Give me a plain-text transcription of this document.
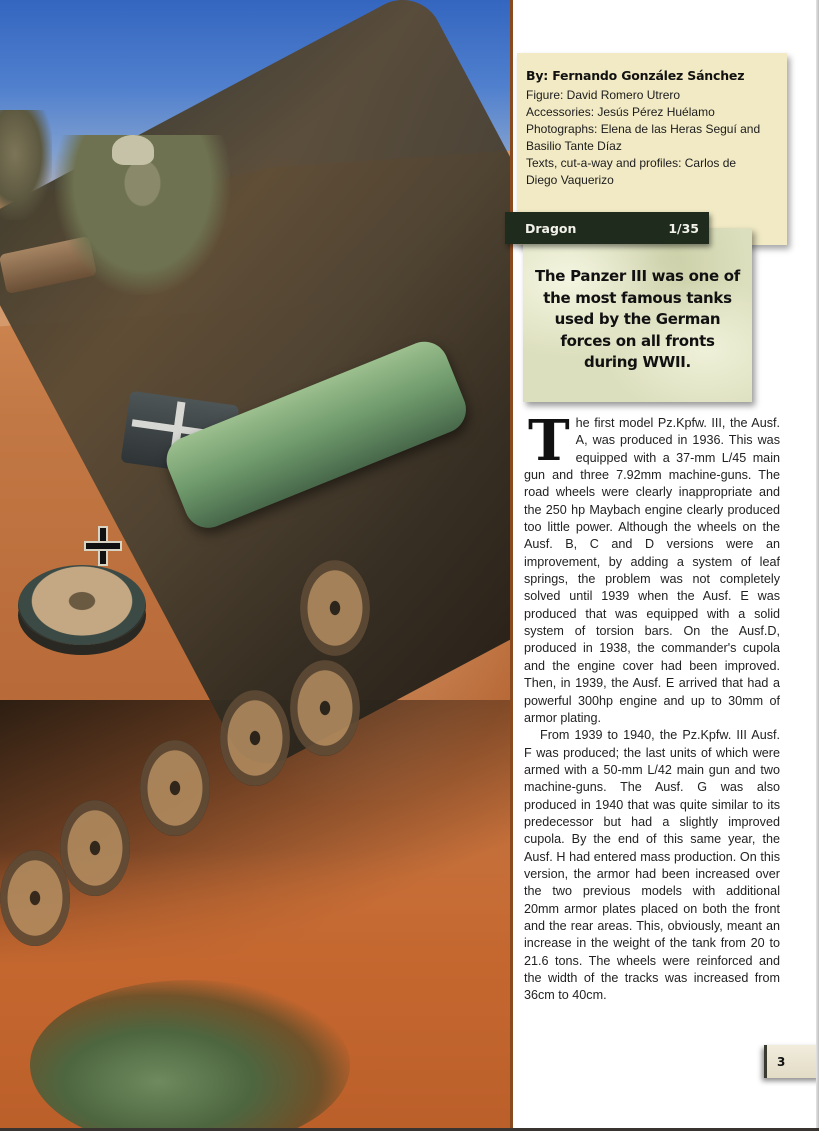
By: Fernando González Sánchez
Figure: David Romero Utrero
Accessories: Jesús Pérez Huélamo
Photographs: Elena de las Heras Seguí and
Basilio Tante Díaz
Texts, cut-a-way and profiles: Carlos de
Diego Vaquerizo
Dragon	1/35
The Panzer III was one of the most famous tanks used by the German forces on all fronts during WWII.

The first model Pz.Kpfw. III, the Ausf. A, was produced in 1936. This was equipped with a 37-mm L/45 main gun and three 7.92mm machine-guns. The road wheels were clearly inappropriate and the 250 hp Maybach engine clearly produced too little power. Although the wheels on the Ausf. B, C and D versions were an improvement, by adding a system of leaf springs, the problem was not completely solved until 1939 when the Ausf. E was produced that was equipped with a solid system of torsion bars. On the Ausf.D, produced in 1938, the commander's cupola and the engine cover had been improved. Then, in 1939, the Ausf. E arrived that had a powerful 300hp engine and up to 30mm of armor plating.

From 1939 to 1940, the Pz.Kpfw. III Ausf. F was produced; the last units of which were armed with a 50-mm L/42 main gun and two machine-guns. The Ausf. G was also produced in 1940 that was quite similar to its predecessor but had a slightly improved cupola. By the end of this same year, the Ausf. H had entered mass production. On this version, the armor had been increased over the two previous models with additional 20mm armor plates placed on both the front and the rear areas. This, obviously, meant an increase in the weight of the tank from 20 to 21.6 tons. The wheels were reinforced and the width of the tracks was increased from 36cm to 40cm.

3
